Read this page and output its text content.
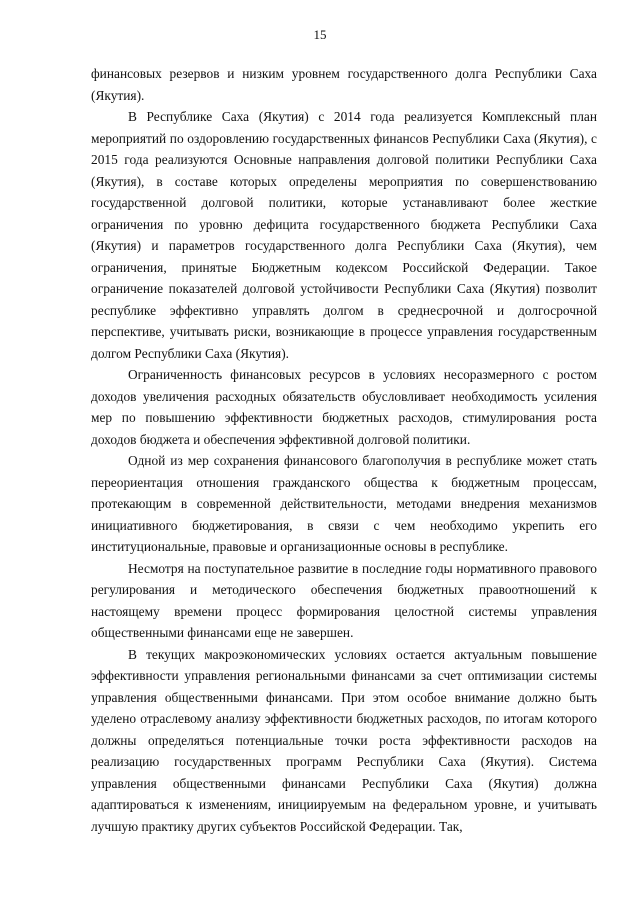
15

финансовых резервов и низким уровнем государственного долга Республики Саха (Якутия).

В Республике Саха (Якутия) с 2014 года реализуется Комплексный план мероприятий по оздоровлению государственных финансов Республики Саха (Якутия), с 2015 года реализуются Основные направления долговой политики Республики Саха (Якутия), в составе которых определены мероприятия по совершенствованию государственной долговой политики, которые устанавливают более жесткие ограничения по уровню дефицита государственного бюджета Республики Саха (Якутия) и параметров государственного долга Республики Саха (Якутия), чем ограничения, принятые Бюджетным кодексом Российской Федерации. Такое ограничение показателей долговой устойчивости Республики Саха (Якутия) позволит республике эффективно управлять долгом в среднесрочной и долгосрочной перспективе, учитывать риски, возникающие в процессе управления государственным долгом Республики Саха (Якутия).

Ограниченность финансовых ресурсов в условиях несоразмерного с ростом доходов увеличения расходных обязательств обусловливает необходимость усиления мер по повышению эффективности бюджетных расходов, стимулирования роста доходов бюджета и обеспечения эффективной долговой политики.

Одной из мер сохранения финансового благополучия в республике может стать переориентация отношения гражданского общества к бюджетным процессам, протекающим в современной действительности, методами внедрения механизмов инициативного бюджетирования, в связи с чем необходимо укрепить его институциональные, правовые и организационные основы в республике.

Несмотря на поступательное развитие в последние годы нормативного правового регулирования и методического обеспечения бюджетных правоотношений к настоящему времени процесс формирования целостной системы управления общественными финансами еще не завершен.

В текущих макроэкономических условиях остается актуальным повышение эффективности управления региональными финансами за счет оптимизации системы управления общественными финансами. При этом особое внимание должно быть уделено отраслевому анализу эффективности бюджетных расходов, по итогам которого должны определяться потенциальные точки роста эффективности расходов на реализацию государственных программ Республики Саха (Якутия). Система управления общественными финансами Республики Саха (Якутия) должна адаптироваться к изменениям, инициируемым на федеральном уровне, и учитывать лучшую практику других субъектов Российской Федерации. Так,
